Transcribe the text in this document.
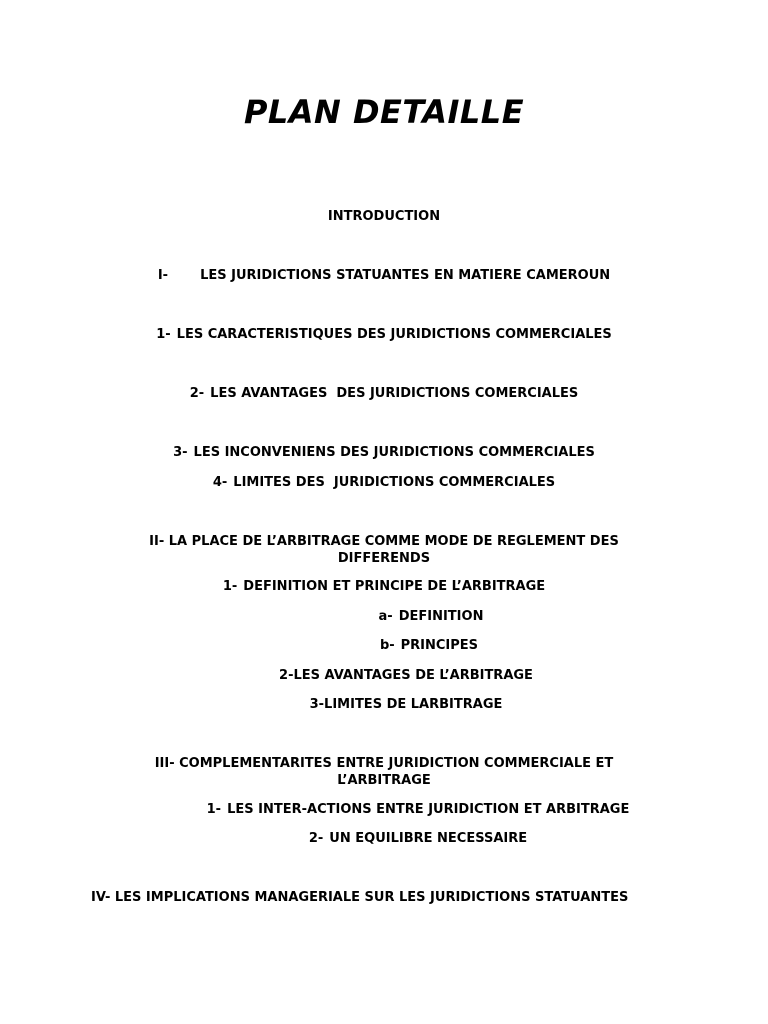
PLAN DETAILLE
INTRODUCTION
I- LES JURIDICTIONS STATUANTES EN MATIERE CAMEROUN
1- LES CARACTERISTIQUES DES JURIDICTIONS COMMERCIALES
2- LES AVANTAGES  DES JURIDICTIONS COMERCIALES
3- LES INCONVENIENS DES JURIDICTIONS COMMERCIALES
4- LIMITES DES  JURIDICTIONS COMMERCIALES
II- LA PLACE DE L’ARBITRAGE COMME MODE DE REGLEMENT DES
DIFFERENDS
1- DEFINITION ET PRINCIPE DE L’ARBITRAGE
a- DEFINITION
b- PRINCIPES
2-LES AVANTAGES DE L’ARBITRAGE
3-LIMITES DE LARBITRAGE
III- COMPLEMENTARITES ENTRE JURIDICTION COMMERCIALE ET
L’ARBITRAGE
1- LES INTER-ACTIONS ENTRE JURIDICTION ET ARBITRAGE
2- UN EQUILIBRE NECESSAIRE
IV- LES IMPLICATIONS MANAGERIALE SUR LES JURIDICTIONS STATUANTES
